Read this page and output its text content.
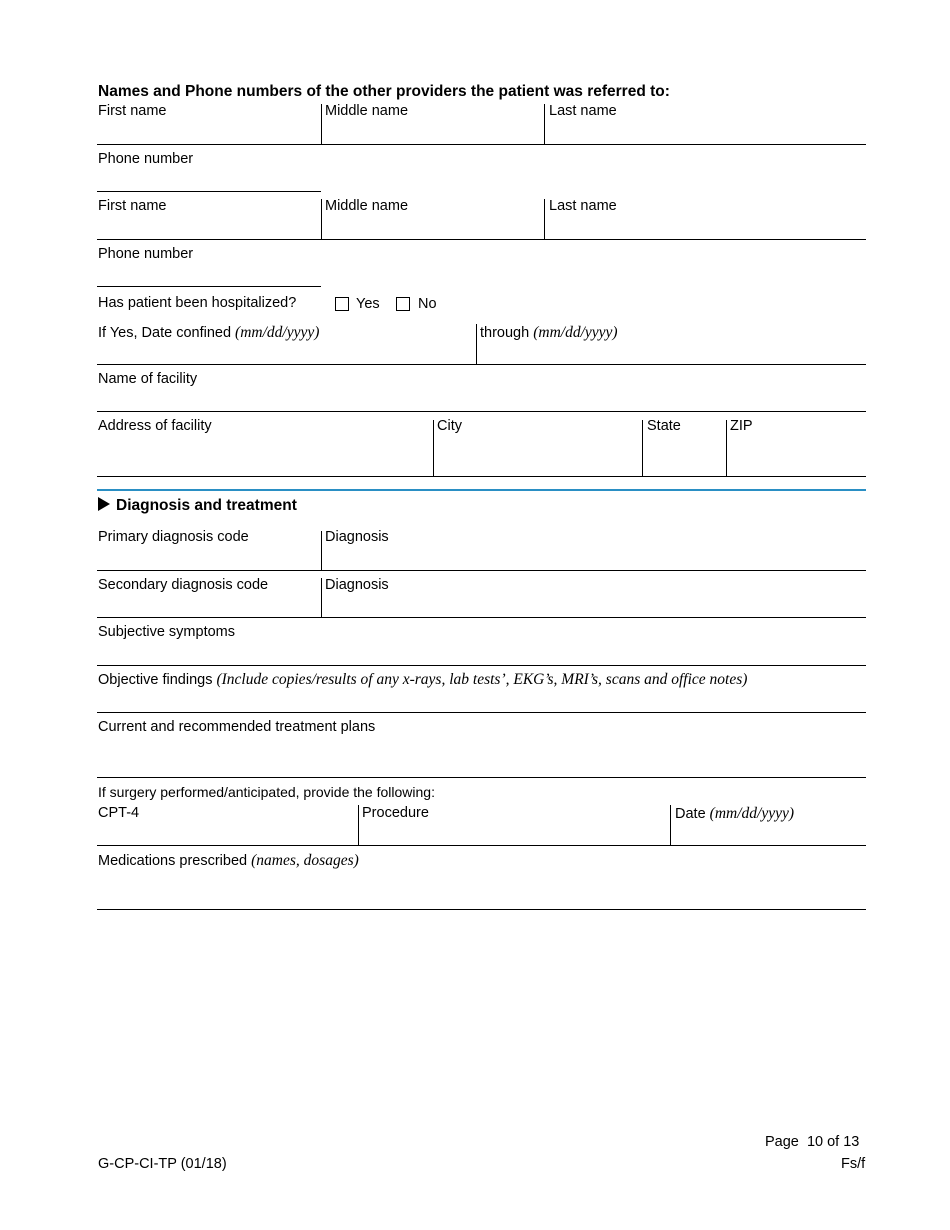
Names and Phone numbers of the other providers the patient was referred to:
First name	Middle name	Last name
Phone number
First name	Middle name	Last name
Phone number
Has patient been hospitalized?	Yes	No
If Yes, Date confined (mm/dd/yyyy)	through (mm/dd/yyyy)
Name of facility
Address of facility	City	State	ZIP
Diagnosis and treatment
Primary diagnosis code	Diagnosis
Secondary diagnosis code	Diagnosis
Subjective symptoms
Objective findings (Include copies/results of any x-rays, lab tests’, EKG’s, MRI’s, scans and office notes)
Current and recommended treatment plans
If surgery performed/anticipated, provide the following:
CPT-4	Procedure	Date (mm/dd/yyyy)
Medications prescribed (names, dosages)
Page 10 of 13
G-CP-CI-TP (01/18)	Fs/f
